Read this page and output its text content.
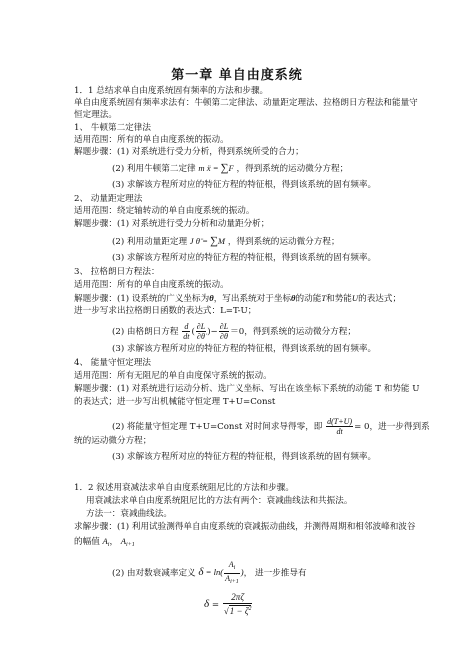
第一章 单自由度系统
1．1 总结求单自由度系统固有频率的方法和步骤。
单自由度系统固有频率求法有：牛顿第二定律法、动量距定理法、拉格朗日方程法和能量守
恒定理法。
1、 牛顿第二定律法
适用范围：所有的单自由度系统的振动。
解题步骤：(1) 对系统进行受力分析，得到系统所受的合力；
(2) 利用牛顿第二定律 m ẍ = ∑F ，得到系统的运动微分方程；
(3) 求解该方程所对应的特征方程的特征根，得到该系统的固有频率。
2、 动量距定理法
适用范围：绕定轴转动的单自由度系统的振动。
解题步骤：(1) 对系统进行受力分析和动量距分析；
(2) 利用动量距定理 J θ̈ = ∑M ，得到系统的运动微分方程；
(3) 求解该方程所对应的特征方程的特征根，得到该系统的固有频率。
3、 拉格朗日方程法：
适用范围：所有的单自由度系统的振动。
解题步骤：(1) 设系统的广义坐标为θ，写出系统对于坐标θ的动能T和势能U的表达式；
进一步写求出拉格朗日函数的表达式：L=T-U；
(2) 由格朗日方程 $\frac{d}{dt}$ ( $\frac{\partial L}{\partial\thetȧ}$ )− $\frac{\partial L}{\partial\theta} =0$，得到系统的运动微分方程；
(3) 求解该方程所对应的特征方程的特征根，得到该系统的固有频率。
4、 能量守恒定理法
适用范围：所有无阻尼的单自由度保守系统的振动。
解题步骤：(1) 对系统进行运动分析、选广义坐标、写出在该坐标下系统的动能 T 和势能 U
的表达式；进一步写出机械能守恒定理 T+U=Const
(2) 将能量守恒定理 T+U=Const 对时间求导得零，即 $\frac{d(T+U)}{dt} = 0$，进一步得到系
统的运动微分方程；
(3) 求解该方程所对应的特征方程的特征根，得到该系统的固有频率。
1．2 叙述用衰减法求单自由度系统阻尼比的方法和步骤。
用衰减法求单自由度系统阻尼比的方法有两个：衰减曲线法和共振法。
方法一：衰减曲线法。
求解步骤：(1) 利用试验测得单自由度系统的衰减振动曲线，并测得周期和相邻波峰和波谷
的幅值 $A_i$， $A_{i+1}$
(2) 由对数衰减率定义 $\delta = \ln( \frac{A_i}{A_{i+1}}$ )， 进一步推导有
$\delta = \frac{2\pi\zeta}{√1 - \zeta^2}$
